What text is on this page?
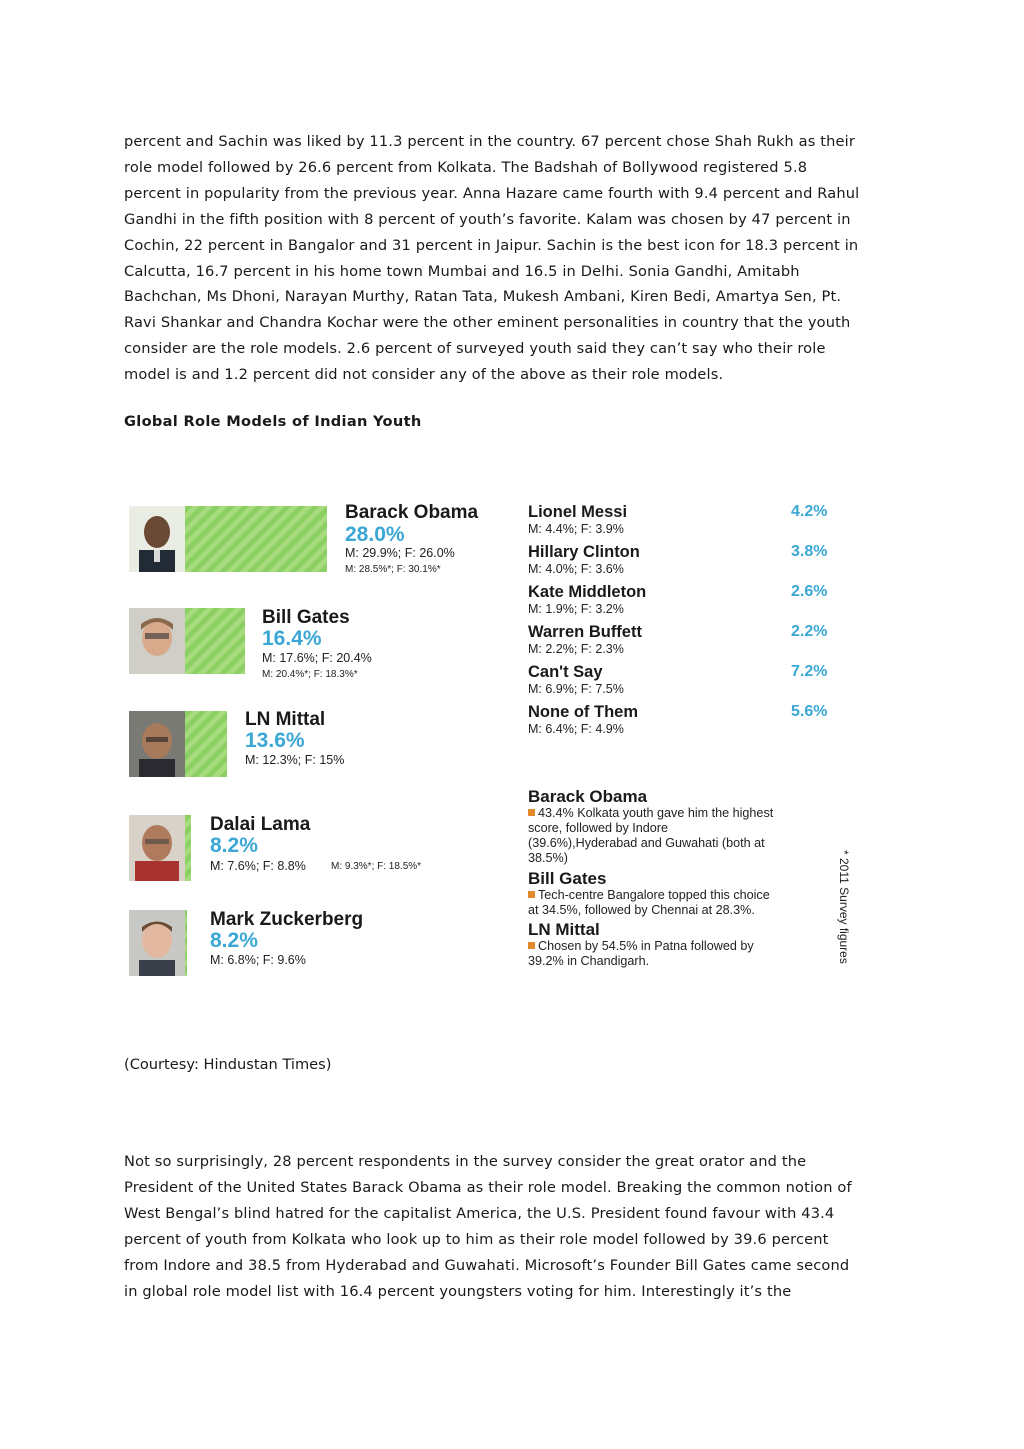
percent and Sachin was liked by 11.3 percent in the country. 67 percent chose Shah Rukh as their
role model followed by 26.6 percent from Kolkata. The Badshah of Bollywood registered 5.8
percent in popularity from the previous year. Anna Hazare came fourth with 9.4 percent and Rahul
Gandhi in the fifth position with 8 percent of youth’s favorite. Kalam was chosen by 47 percent in
Cochin, 22 percent in Bangalor and 31 percent in Jaipur. Sachin is the best icon for 18.3 percent in
Calcutta, 16.7 percent in his home town Mumbai and 16.5 in Delhi. Sonia Gandhi, Amitabh
Bachchan, Ms Dhoni, Narayan Murthy, Ratan Tata, Mukesh Ambani, Kiren Bedi, Amartya Sen, Pt.
Ravi Shankar and Chandra Kochar were the other eminent personalities in country that the youth
consider are the role models. 2.6 percent of surveyed youth said they can’t say who their role
model is and 1.2 percent did not consider any of the above as their role models.

Global Role Models of Indian Youth

Barack Obama
28.0%
M: 29.9%; F: 26.0%
M: 28.5%*; F: 30.1%*
Bill Gates
16.4%
M: 17.6%; F: 20.4%
M: 20.4%*; F: 18.3%*
LN Mittal
13.6%
M: 12.3%; F: 15%
Dalai Lama
8.2%
M: 7.6%; F: 8.8%	M: 9.3%*; F: 18.5%*
Mark Zuckerberg
8.2%
M: 6.8%; F: 9.6%
Lionel Messi
M: 4.4%; F: 3.9%
4.2%
Hillary Clinton
M: 4.0%; F: 3.6%
3.8%
Kate Middleton
M: 1.9%; F: 3.2%
2.6%
Warren Buffett
M: 2.2%; F: 2.3%
2.2%
Can't Say
M: 6.9%; F: 7.5%
7.2%
None of Them
M: 6.4%; F: 4.9%
5.6%
Barack Obama
43.4% Kolkata youth gave him the highest
score, followed by Indore
(39.6%),Hyderabad and Guwahati (both at
38.5%)
Bill Gates
Tech-centre Bangalore topped this choice
at 34.5%, followed by Chennai at 28.3%.
LN Mittal
Chosen by 54.5% in Patna followed by
39.2% in Chandigarh.	* 2011 Survey figures

(Courtesy: Hindustan Times)

Not so surprisingly, 28 percent respondents in the survey consider the great orator and the
President of the United States Barack Obama as their role model. Breaking the common notion of
West Bengal’s blind hatred for the capitalist America, the U.S. President found favour with 43.4
percent of youth from Kolkata who look up to him as their role model followed by 39.6 percent
from Indore and 38.5 from Hyderabad and Guwahati. Microsoft’s Founder Bill Gates came second
in global role model list with 16.4 percent youngsters voting for him. Interestingly it’s the
